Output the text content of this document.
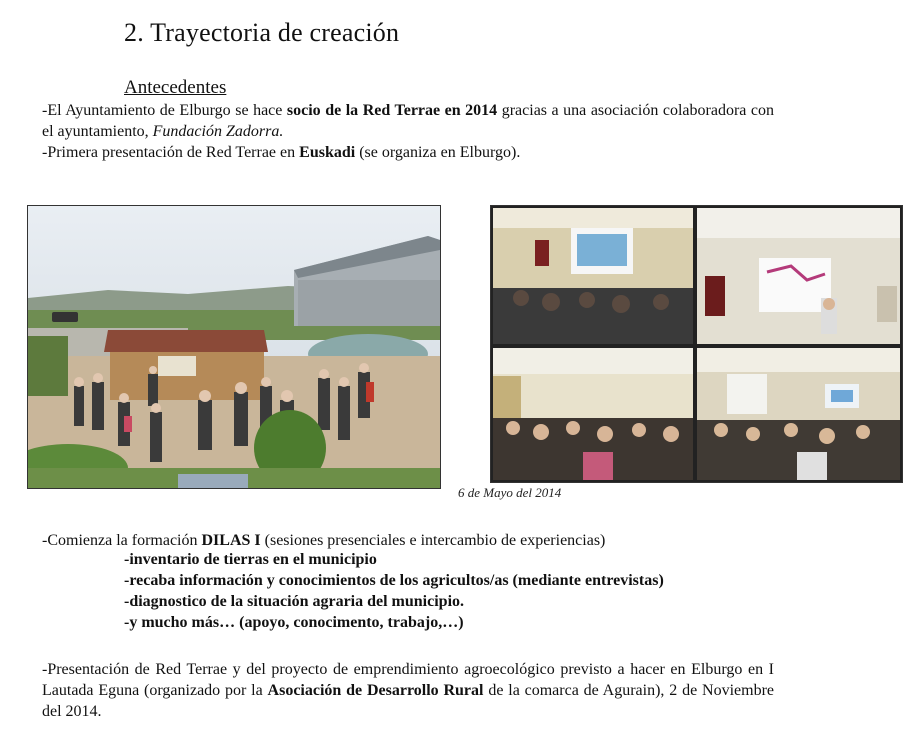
2. Trayectoria de creación
Antecedentes
-El Ayuntamiento de Elburgo se hace socio de la Red Terrae en 2014 gracias a una asociación colaboradora con el ayuntamiento, Fundación Zadorra.
-Primera presentación de Red Terrae en Euskadi (se organiza en Elburgo).
6 de Mayo del 2014
-Comienza la formación DILAS I (sesiones presenciales e intercambio de experiencias)
-inventario de tierras en el municipio
-recaba información y conocimientos de los agricultos/as (mediante entrevistas)
-diagnostico de la situación agraria del municipio.
-y mucho más… (apoyo, conocimento, trabajo,…)
-Presentación de Red Terrae y del proyecto de emprendimiento agroecológico previsto a hacer en Elburgo en I Lautada Eguna (organizado por la Asociación de Desarrollo Rural de la comarca de Agurain), 2 de Noviembre del 2014.
